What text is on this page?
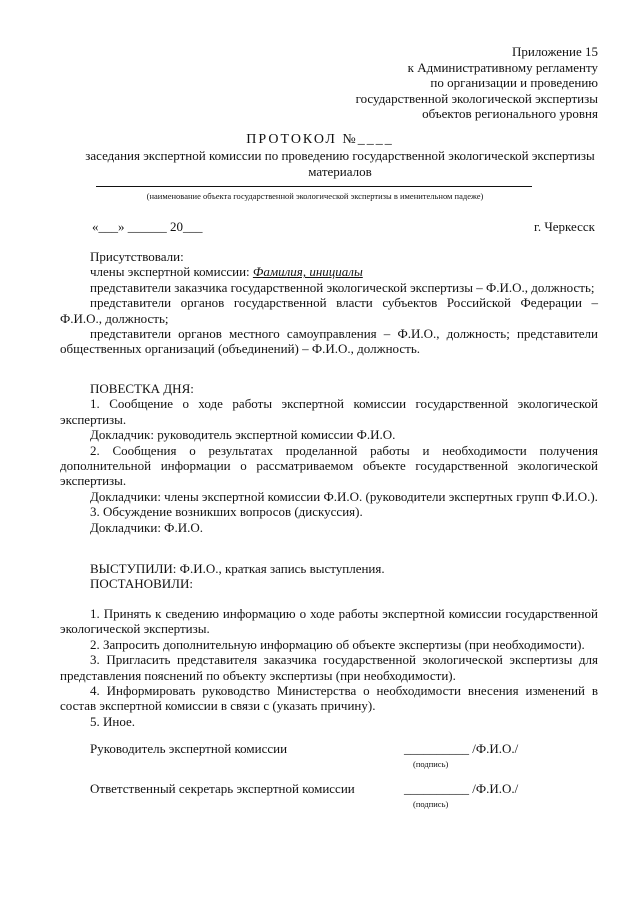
Приложение 15
к Административному регламенту
по организации и проведению
государственной экологической экспертизы
объектов регионального уровня
ПРОТОКОЛ №____
заседания экспертной комиссии по проведению государственной экологической экспертизы
материалов
(наименование объекта государственной экологической экспертизы в именительном падеже)
«___» ______ 20___	г. Черкесск
Присутствовали:
члены экспертной комиссии: Фамилия, инициалы
представители заказчика государственной экологической экспертизы – Ф.И.О., должность;
представители органов государственной власти субъектов Российской Федерации – Ф.И.О., должность;
представители органов местного самоуправления – Ф.И.О., должность; представители общественных организаций (объединений) – Ф.И.О., должность.
ПОВЕСТКА ДНЯ:
1. Сообщение о ходе работы экспертной комиссии государственной экологической экспертизы.
Докладчик: руководитель экспертной комиссии Ф.И.О.
2. Сообщения о результатах проделанной работы и необходимости получения дополнительной информации о рассматриваемом объекте государственной экологической экспертизы.
Докладчики: члены экспертной комиссии Ф.И.О. (руководители экспертных групп Ф.И.О.).
3. Обсуждение возникших вопросов (дискуссия).
Докладчики: Ф.И.О.
ВЫСТУПИЛИ: Ф.И.О., краткая запись выступления.
ПОСТАНОВИЛИ:
1. Принять к сведению информацию о ходе работы экспертной комиссии государственной экологической экспертизы.
2. Запросить дополнительную информацию об объекте экспертизы (при необходимости).
3. Пригласить представителя заказчика государственной экологической экспертизы для представления пояснений по объекту экспертизы (при необходимости).
4. Информировать руководство Министерства о необходимости внесения изменений в состав экспертной комиссии в связи с (указать причину).
5. Иное.
Руководитель экспертной комиссии	__________ /Ф.И.О./
(подпись)
Ответственный секретарь экспертной комиссии	__________ /Ф.И.О./
(подпись)
